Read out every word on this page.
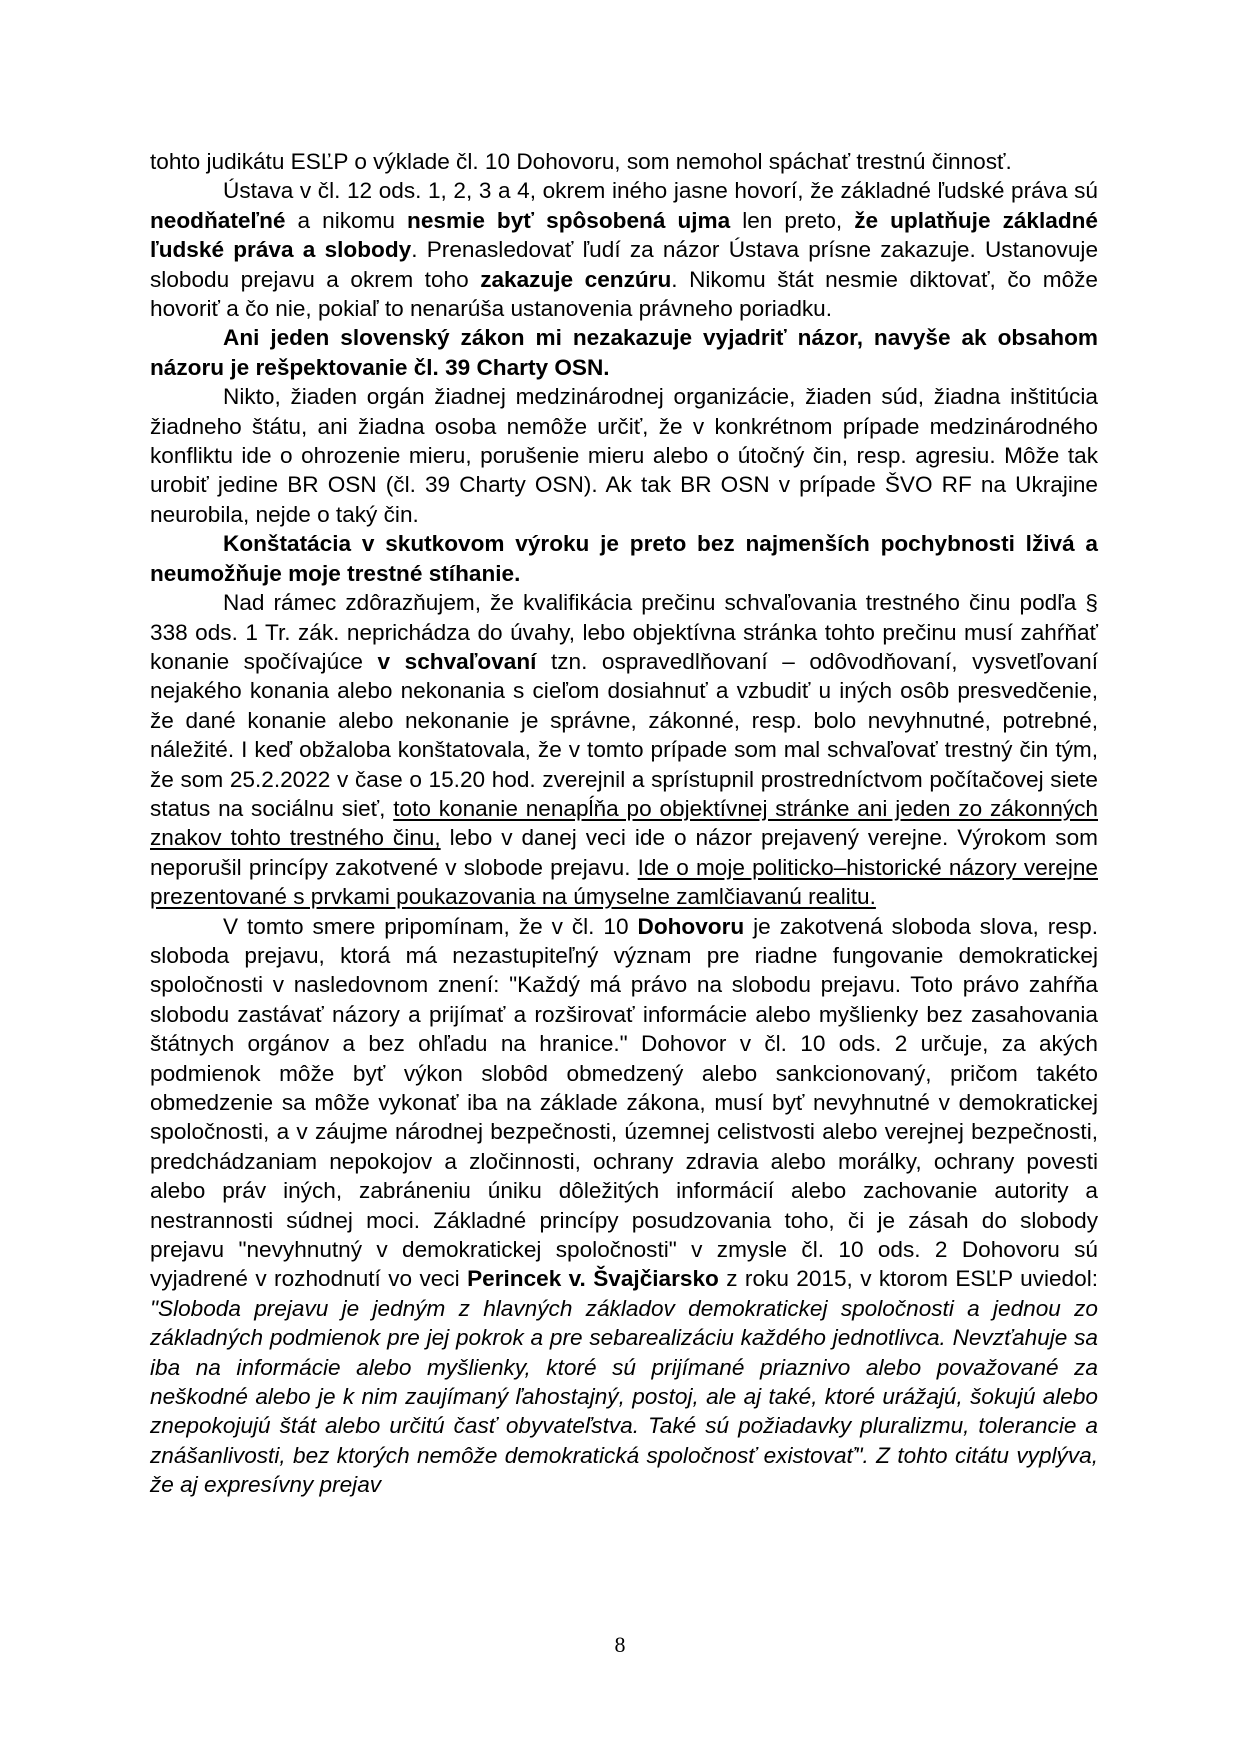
tohto judikátu ESĽP o výklade čl. 10 Dohovoru, som nemohol spáchať trestnú činnosť.

Ústava v čl. 12 ods. 1, 2, 3 a 4, okrem iného jasne hovorí, že základné ľudské práva sú neodňateľné a nikomu nesmie byť spôsobená ujma len preto, že uplatňuje základné ľudské práva a slobody. Prenasledovať ľudí za názor Ústava prísne zakazuje. Ustanovuje slobodu prejavu a okrem toho zakazuje cenzúru. Nikomu štát nesmie diktovať, čo môže hovoriť a čo nie, pokiaľ to nenarúša ustanovenia právneho poriadku.

Ani jeden slovenský zákon mi nezakazuje vyjadriť názor, navyše ak obsahom názoru je rešpektovanie čl. 39 Charty OSN.

Nikto, žiaden orgán žiadnej medzinárodnej organizácie, žiaden súd, žiadna inštitúcia žiadneho štátu, ani žiadna osoba nemôže určiť, že v konkrétnom prípade medzinárodného konfliktu ide o ohrozenie mieru, porušenie mieru alebo o útočný čin, resp. agresiu. Môže tak urobiť jedine BR OSN (čl. 39 Charty OSN). Ak tak BR OSN v prípade ŠVO RF na Ukrajine neurobila, nejde o taký čin.

Konštatácia v skutkovom výroku je preto bez najmenších pochybnosti lživá a neumožňuje moje trestné stíhanie.

Nad rámec zdôrazňujem, že kvalifikácia prečinu schvaľovania trestného činu podľa § 338 ods. 1 Tr. zák. neprichádza do úvahy, lebo objektívna stránka tohto prečinu musí zahŕňať konanie spočívajúce v schvaľovaní tzn. ospravedlňovaní – odôvodňovaní, vysvetľovaní nejakého konania alebo nekonania s cieľom dosiahnuť a vzbudiť u iných osôb presvedčenie, že dané konanie alebo nekonanie je správne, zákonné, resp. bolo nevyhnutné, potrebné, náležité. I keď obžaloba konštatovala, že v tomto prípade som mal schvaľovať trestný čin tým, že som 25.2.2022 v čase o 15.20 hod. zverejnil a sprístupnil prostredníctvom počítačovej siete status na sociálnu sieť, toto konanie nenapĺňa po objektívnej stránke ani jeden zo zákonných znakov tohto trestného činu, lebo v danej veci ide o názor prejavený verejne. Výrokom som neporušil princípy zakotvené v slobode prejavu. Ide o moje politicko–historické názory verejne prezentované s prvkami poukazovania na úmyselne zamlčiavanú realitu.

V tomto smere pripomínam, že v čl. 10 Dohovoru je zakotvená sloboda slova, resp. sloboda prejavu, ktorá má nezastupiteľný význam pre riadne fungovanie demokratickej spoločnosti v nasledovnom znení: "Každý má právo na slobodu prejavu. Toto právo zahŕňa slobodu zastávať názory a prijímať a rozširovať informácie alebo myšlienky bez zasahovania štátnych orgánov a bez ohľadu na hranice." Dohovor v čl. 10 ods. 2 určuje, za akých podmienok môže byť výkon slobôd obmedzený alebo sankcionovaný, pričom takéto obmedzenie sa môže vykonať iba na základe zákona, musí byť nevyhnutné v demokratickej spoločnosti, a v záujme národnej bezpečnosti, územnej celistvosti alebo verejnej bezpečnosti, predchádzaniam nepokojov a zločinnosti, ochrany zdravia alebo morálky, ochrany povesti alebo práv iných, zabráneniu úniku dôležitých informácií alebo zachovanie autority a nestrannosti súdnej moci. Základné princípy posudzovania toho, či je zásah do slobody prejavu "nevyhnutný v demokratickej spoločnosti" v zmysle čl. 10 ods. 2 Dohovoru sú vyjadrené v rozhodnutí vo veci Perincek v. Švajčiarsko z roku 2015, v ktorom ESĽP uviedol: "Sloboda prejavu je jedným z hlavných základov demokratickej spoločnosti a jednou zo základných podmienok pre jej pokrok a pre sebarealizáciu každého jednotlivca. Nevzťahuje sa iba na informácie alebo myšlienky, ktoré sú prijímané priaznivo alebo považované za neškodné alebo je k nim zaujímaný ľahostajný, postoj, ale aj také, ktoré urážajú, šokujú alebo znepokojujú štát alebo určitú časť obyvateľstva. Také sú požiadavky pluralizmu, tolerancie a znášanlivosti, bez ktorých nemôže demokratická spoločnosť existovať". Z tohto citátu vyplýva, že aj expresívny prejav

8
